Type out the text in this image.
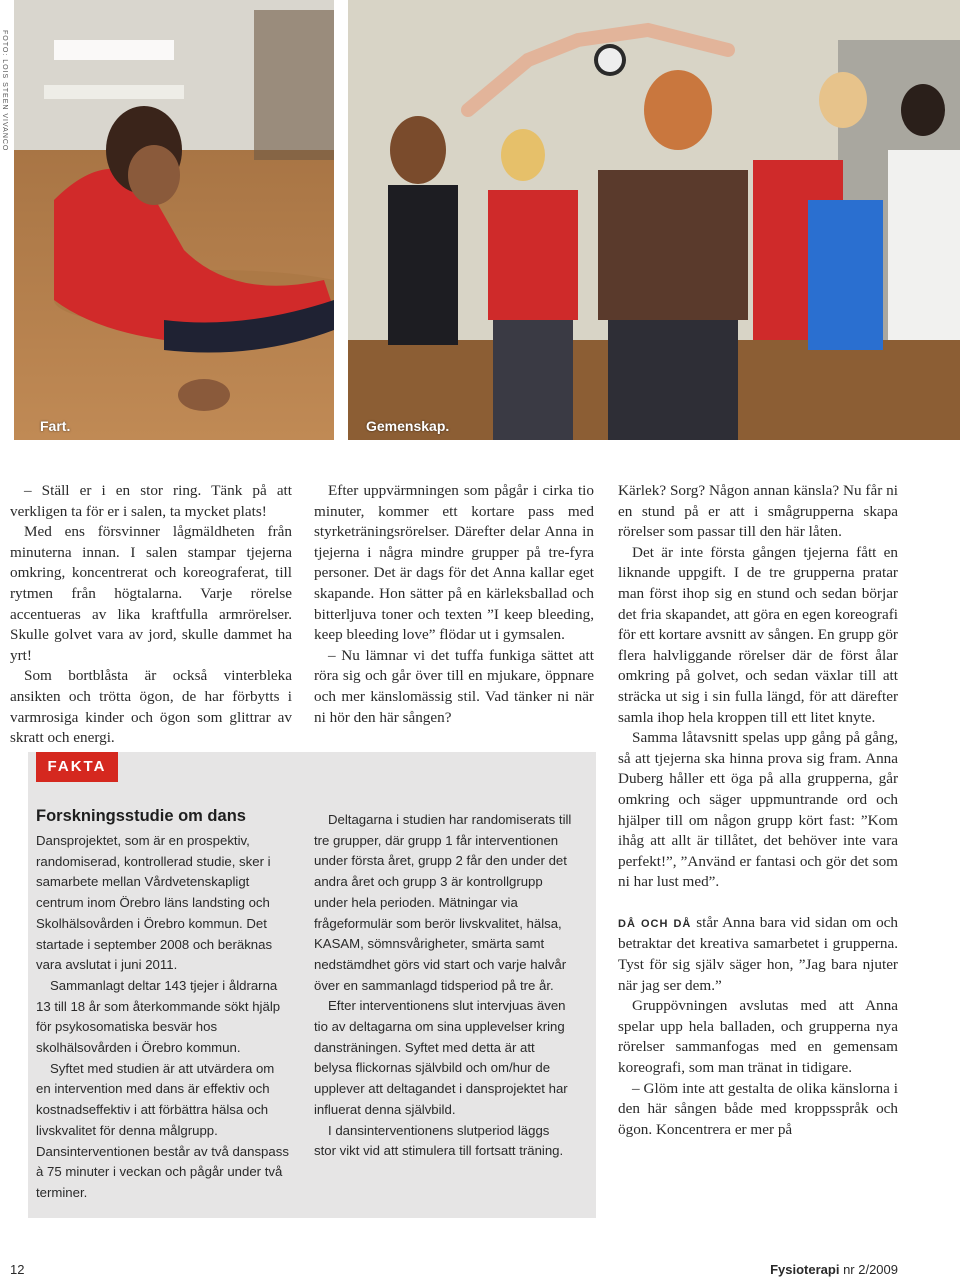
FOTO: LOIS STEEN VIVANCO
Fart.	Gemenskap.

– Ställ er i en stor ring. Tänk på att verkligen ta för er i salen, ta mycket plats!

Med ens försvinner lågmäldheten från minuterna innan. I salen stampar tjejerna omkring, koncentrerat och koreograferat, till rytmen från högtalarna. Varje rörelse accentueras av lika kraftfulla armrörelser. Skulle golvet vara av jord, skulle dammet ha yrt!

Som bortblåsta är också vinterbleka ansikten och trötta ögon, de har förbytts i varmrosiga kinder och ögon som glittrar av skratt och energi.

Efter uppvärmningen som pågår i cirka tio minuter, kommer ett kortare pass med styrketräningsrörelser. Därefter delar Anna in tjejerna i några mindre grupper på tre-fyra personer. Det är dags för det Anna kallar eget skapande. Hon sätter på en kärleksballad och bitterljuva toner och texten ”I keep bleeding, keep bleeding love” flödar ut i gymsalen.

– Nu lämnar vi det tuffa funkiga sättet att röra sig och går över till en mjukare, öppnare och mer känslomässig stil. Vad tänker ni när ni hör den här sången?

Kärlek? Sorg? Någon annan känsla? Nu får ni en stund på er att i smågrupperna skapa rörelser som passar till den här låten.

Det är inte första gången tjejerna fått en liknande uppgift. I de tre grupperna pratar man först ihop sig en stund och sedan börjar det fria skapandet, att göra en egen koreografi för ett kortare avsnitt av sången. En grupp gör flera halvliggande rörelser där de först ålar omkring på golvet, och sedan växlar till att sträcka ut sig i sin fulla längd, för att därefter samla ihop hela kroppen till ett litet knyte.

Samma låtavsnitt spelas upp gång på gång, så att tjejerna ska hinna prova sig fram. Anna Duberg håller ett öga på alla grupperna, går omkring och säger uppmuntrande ord och hjälper till om någon grupp kört fast: ”Kom ihåg att allt är tillåtet, det behöver inte vara perfekt!”, ”Använd er fantasi och gör det som ni har lust med”.

DÅ OCH DÅ står Anna bara vid sidan om och betraktar det kreativa samarbetet i grupperna. Tyst för sig själv säger hon, ”Jag bara njuter när jag ser dem.”

Gruppövningen avslutas med att Anna spelar upp hela balladen, och grupperna nya rörelser sammanfogas med en gemensam koreografi, som man tränat in tidigare.

– Glöm inte att gestalta de olika känslorna i den här sången både med kroppsspråk och ögon. Koncentrera er mer på

FAKTA
Forskningsstudie om dans

Dansprojektet, som är en prospektiv, randomiserad, kontrollerad studie, sker i samarbete mellan Vårdvetenskapligt centrum inom Örebro läns landsting och Skolhälsovården i Örebro kommun. Det startade i september 2008 och beräknas vara avslutat i juni 2011.

Sammanlagt deltar 143 tjejer i åldrarna 13 till 18 år som återkommande sökt hjälp för psykosomatiska besvär hos skolhälsovården i Örebro kommun.

Syftet med studien är att utvärdera om en intervention med dans är effektiv och kostnadseffektiv i att förbättra hälsa och livskvalitet för denna målgrupp. Dansinterventionen består av två danspass à 75 minuter i veckan och pågår under två terminer.

Deltagarna i studien har randomiserats till tre grupper, där grupp 1 får interventionen under första året, grupp 2 får den under det andra året och grupp 3 är kontrollgrupp under hela perioden. Mätningar via frågeformulär som berör livskvalitet, hälsa, KASAM, sömnsvårigheter, smärta samt nedstämdhet görs vid start och varje halvår över en sammanlagd tidsperiod på tre år.

Efter interventionens slut intervjuas även tio av deltagarna om sina upplevelser kring dansträningen. Syftet med detta är att belysa flickornas självbild och om/hur de upplever att deltagandet i dansprojektet har influerat denna självbild.

I dansinterventionens slutperiod läggs stor vikt vid att stimulera till fortsatt träning.

12	Fysioterapi nr 2/2009
